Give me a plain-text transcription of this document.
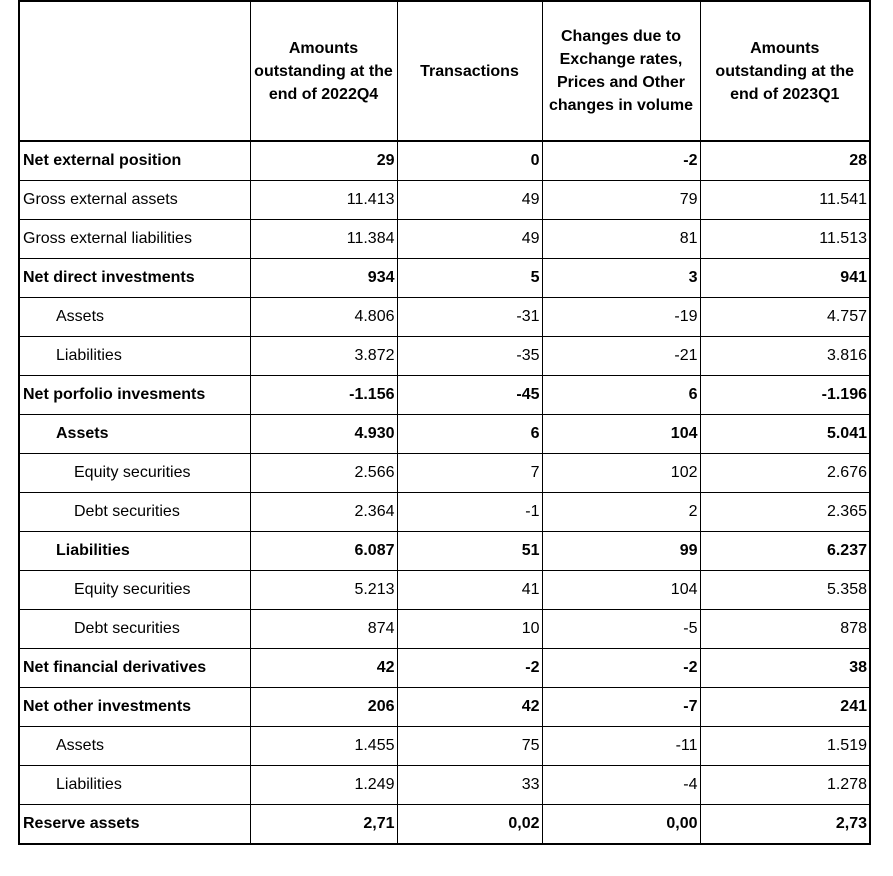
	Amounts outstanding at the end of 2022Q4	Transactions	Changes due to Exchange rates, Prices and Other changes in volume	Amounts outstanding at the end of 2023Q1
Net external position	29	0	-2	28
Gross external assets	11.413	49	79	11.541
Gross external liabilities	11.384	49	81	11.513
Net direct investments	934	5	3	941
Assets	4.806	-31	-19	4.757
Liabilities	3.872	-35	-21	3.816
Net porfolio invesments	-1.156	-45	6	-1.196
Assets	4.930	6	104	5.041
Equity securities	2.566	7	102	2.676
Debt securities	2.364	-1	2	2.365
Liabilities	6.087	51	99	6.237
Equity securities	5.213	41	104	5.358
Debt securities	874	10	-5	878
Net financial derivatives	42	-2	-2	38
Net other investments	206	42	-7	241
Assets	1.455	75	-11	1.519
Liabilities	1.249	33	-4	1.278
Reserve assets	2,71	0,02	0,00	2,73
